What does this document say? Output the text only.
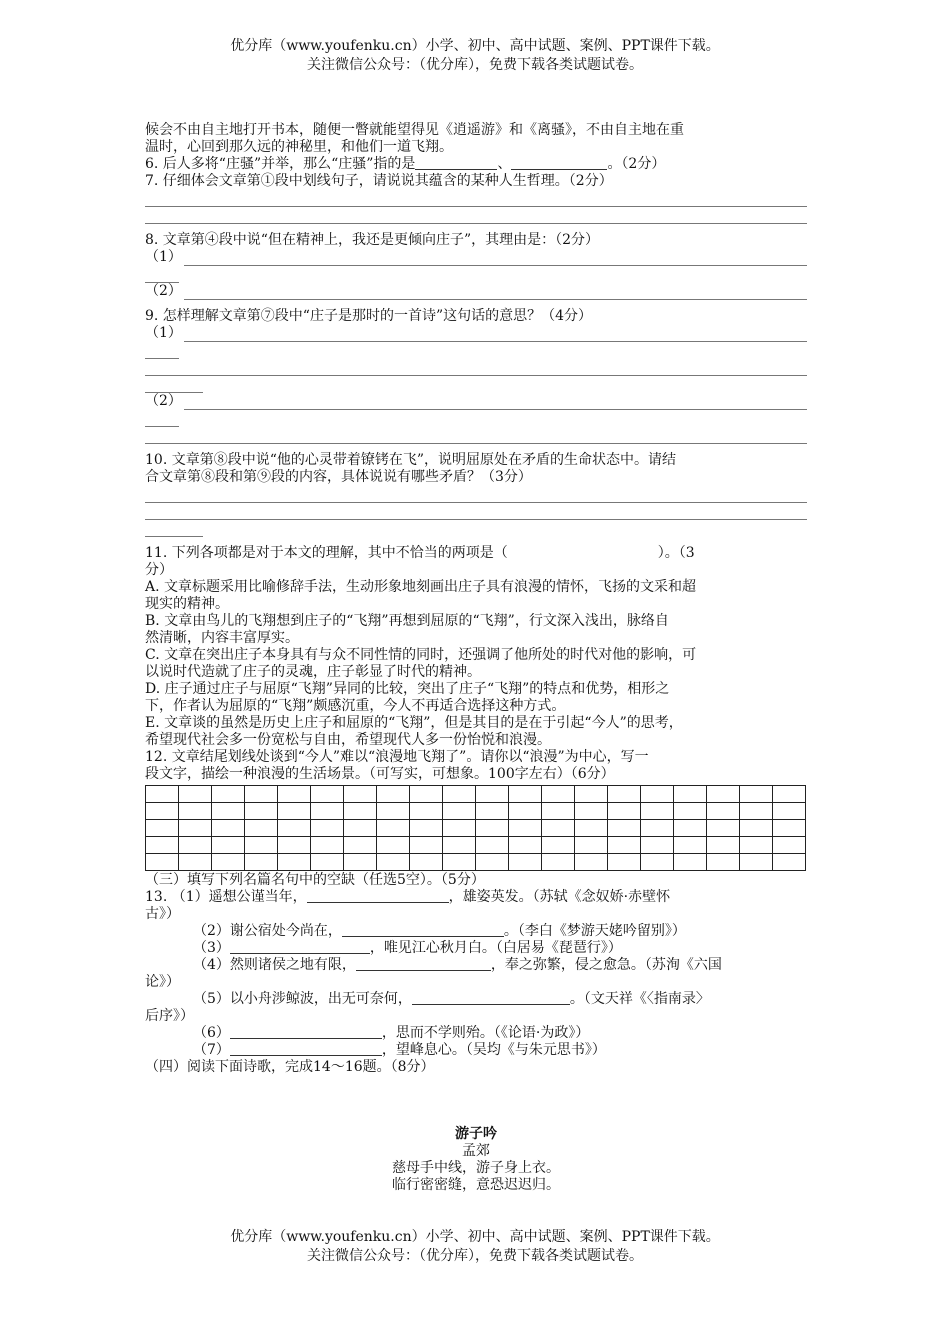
优分库（www.youfenku.cn）小学、初中、高中试题、案例、PPT课件下载。
关注微信公众号：（优分库），免费下载各类试题试卷。

候会不由自主地打开书本，随便一瞥就能望得见《逍遥游》和《离骚》，不由自主地在重

温时，心回到那久远的神秘里，和他们一道飞翔。

6. 后人多将“庄骚”并举，那么“庄骚”指的是	、	。（2分）

7. 仔细体会文章第①段中划线句子，请说说其蕴含的某种人生哲理。（2分）

8. 文章第④段中说“但在精神上，我还是更倾向庄子”，其理由是：（2分）

（1）
（2）

9. 怎样理解文章第⑦段中“庄子是那时的一首诗”这句话的意思？（4分）

（1）
（2）

10. 文章第⑧段中说“他的心灵带着镣铐在飞”，说明屈原处在矛盾的生命状态中。请结

合文章第⑧段和第⑨段的内容，具体说说有哪些矛盾？（3分）

11. 下列各项都是对于本文的理解，其中不恰当的两项是（	）。（3

分）

A. 文章标题采用比喻修辞手法，生动形象地刻画出庄子具有浪漫的情怀，飞扬的文采和超

现实的精神。

B. 文章由鸟儿的飞翔想到庄子的“飞翔”再想到屈原的“飞翔”，行文深入浅出，脉络自

然清晰，内容丰富厚实。

C. 文章在突出庄子本身具有与众不同性情的同时，还强调了他所处的时代对他的影响，可

以说时代造就了庄子的灵魂，庄子彰显了时代的精神。

D. 庄子通过庄子与屈原“飞翔”异同的比较，突出了庄子“飞翔”的特点和优势，相形之

下，作者认为屈原的“飞翔”颇感沉重，今人不再适合选择这种方式。

E. 文章谈的虽然是历史上庄子和屈原的“飞翔”，但是其目的是在于引起“今人”的思考，

希望现代社会多一份宽松与自由，希望现代人多一份怡悦和浪漫。

12. 文章结尾划线处谈到“今人”难以“浪漫地飞翔了”。请你以“浪漫”为中心，写一

段文字，描绘一种浪漫的生活场景。（可写实，可想象。100字左右）（6分）

（三）填写下列名篇名句中的空缺（任选5空）。（5分）

13. （1）遥想公谨当年，	，雄姿英发。（苏轼《念奴娇·赤壁怀

古》）

（2）谢公宿处今尚在，	。（李白《梦游天姥吟留别》）

（3）	，唯见江心秋月白。（白居易《琵琶行》）

（4）然则诸侯之地有限，	，奉之弥繁，侵之愈急。（苏洵《六国

论》）

（5）以小舟涉鲸波，出无可奈何，	。（文天祥《〈指南录〉

后序》）

（6）	，思而不学则殆。（《论语·为政》）

（7）	，望峰息心。（吴均《与朱元思书》）

（四）阅读下面诗歌，完成14～16题。（8分）

游子吟
孟郊
慈母手中线，游子身上衣。
临行密密缝，意恐迟迟归。
优分库（www.youfenku.cn）小学、初中、高中试题、案例、PPT课件下载。
关注微信公众号：（优分库），免费下载各类试题试卷。
